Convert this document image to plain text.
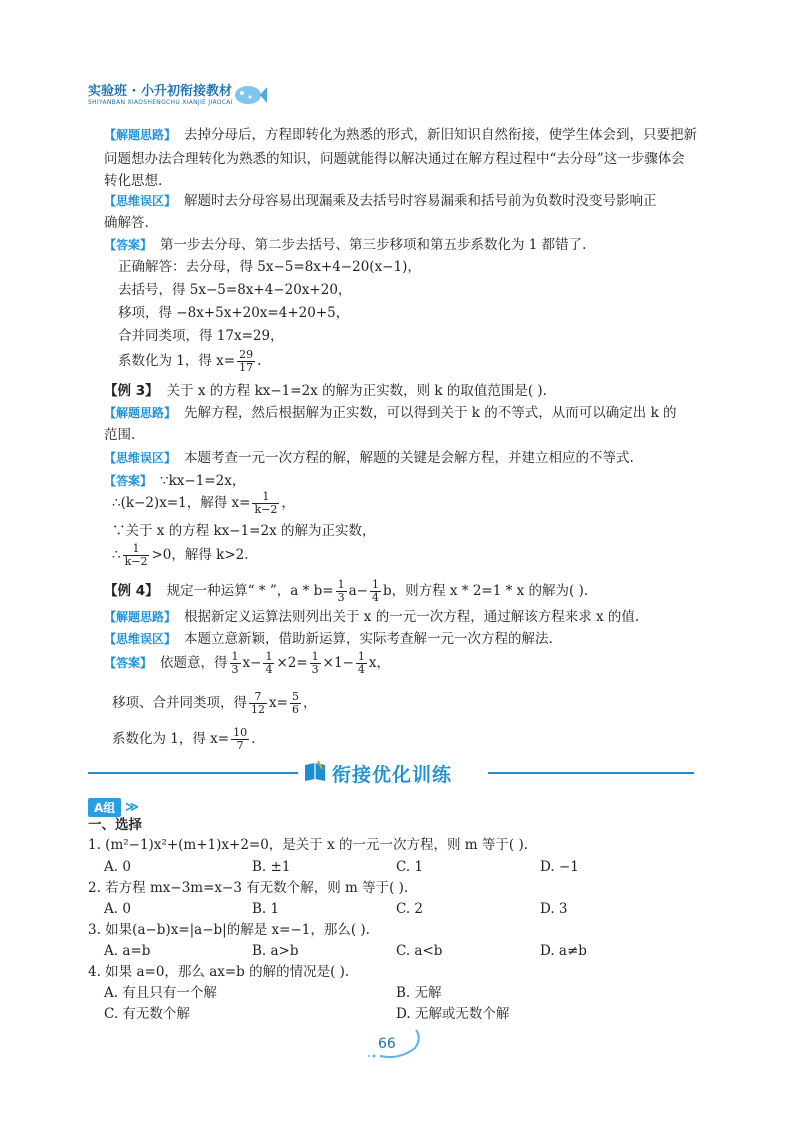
实验班 · 小升初衔接教材
SHIYANBAN XIAOSHENGCHU XIANJIE JIAOCAI
【解题思路】 去掉分母后，方程即转化为熟悉的形式，新旧知识自然衔接，使学生体会到，只要把新
问题想办法合理转化为熟悉的知识，问题就能得以解决通过在解方程过程中“去分母”这一步骤体会转化思想.
【思维误区】 解题时去分母容易出现漏乘及去括号时容易漏乘和括号前为负数时没变号影响正
确解答.
【答案】 第一步去分母、第二步去括号、第三步移项和第五步系数化为 1 都错了.
正确解答：去分母，得 5x−5=8x+4−20(x−1)，
去括号，得 5x−5=8x+4−20x+20，
移项，得 −8x+5x+20x=4+20+5，
合并同类项，得 17x=29，
系数化为 1，得 $x= \frac{29}{17}$ .
【例 3】 关于 x 的方程 kx−1=2x 的解为正实数，则 k 的取值范围是( ).
【解题思路】 先解方程，然后根据解为正实数，可以得到关于 k 的不等式，从而可以确定出 k 的
范围.
【思维误区】 本题考查一元一次方程的解，解题的关键是会解方程，并建立相应的不等式.
【答案】 ∵kx−1=2x，
∴(k−2)x=1，解得 $x= \frac{1}{k-2}$ ，
∵关于 x 的方程 kx−1=2x 的解为正实数，
∴ $\frac{1}{k-2} >0$，解得 k>2.
【例 4】 规定一种运算“ * ”，$a * b= \frac{1}{3} a- \frac{1}{4}$ b，则方程 x * 2=1 * x 的解为( ).
【解题思路】 根据新定义运算法则列出关于 x 的一元一次方程，通过解该方程来求 x 的值.
【思维误区】 本题立意新颖，借助新运算，实际考查解一元一次方程的解法.
【答案】 依题意，得 $\frac{1}{3} x- \frac{1}{4} \times 2= \frac{1}{3} \times 1- \frac{1}{4}$ x，
移项、合并同类项，得 $\frac{7}{12} x= \frac{5}{6}$ ，
系数化为 1，得 $x= \frac{10}{7}$ .
衔接优化训练
A组 ≫
一、选择
1. (m²−1)x²+(m+1)x+2=0，是关于 x 的一元一次方程，则 m 等于( ).
A. 0	B. ±1	C. 1	D. −1
2. 若方程 mx−3m=x−3 有无数个解，则 m 等于( ).
A. 0	B. 1	C. 2	D. 3
3. 如果(a−b)x=|a−b|的解是 x=−1，那么( ).
A. a=b	B. a>b	C. a<b	D. a≠b
4. 如果 a=0，那么 ax=b 的解的情况是( ).
A. 有且只有一个解	B. 无解
C. 有无数个解	D. 无解或无数个解
66
